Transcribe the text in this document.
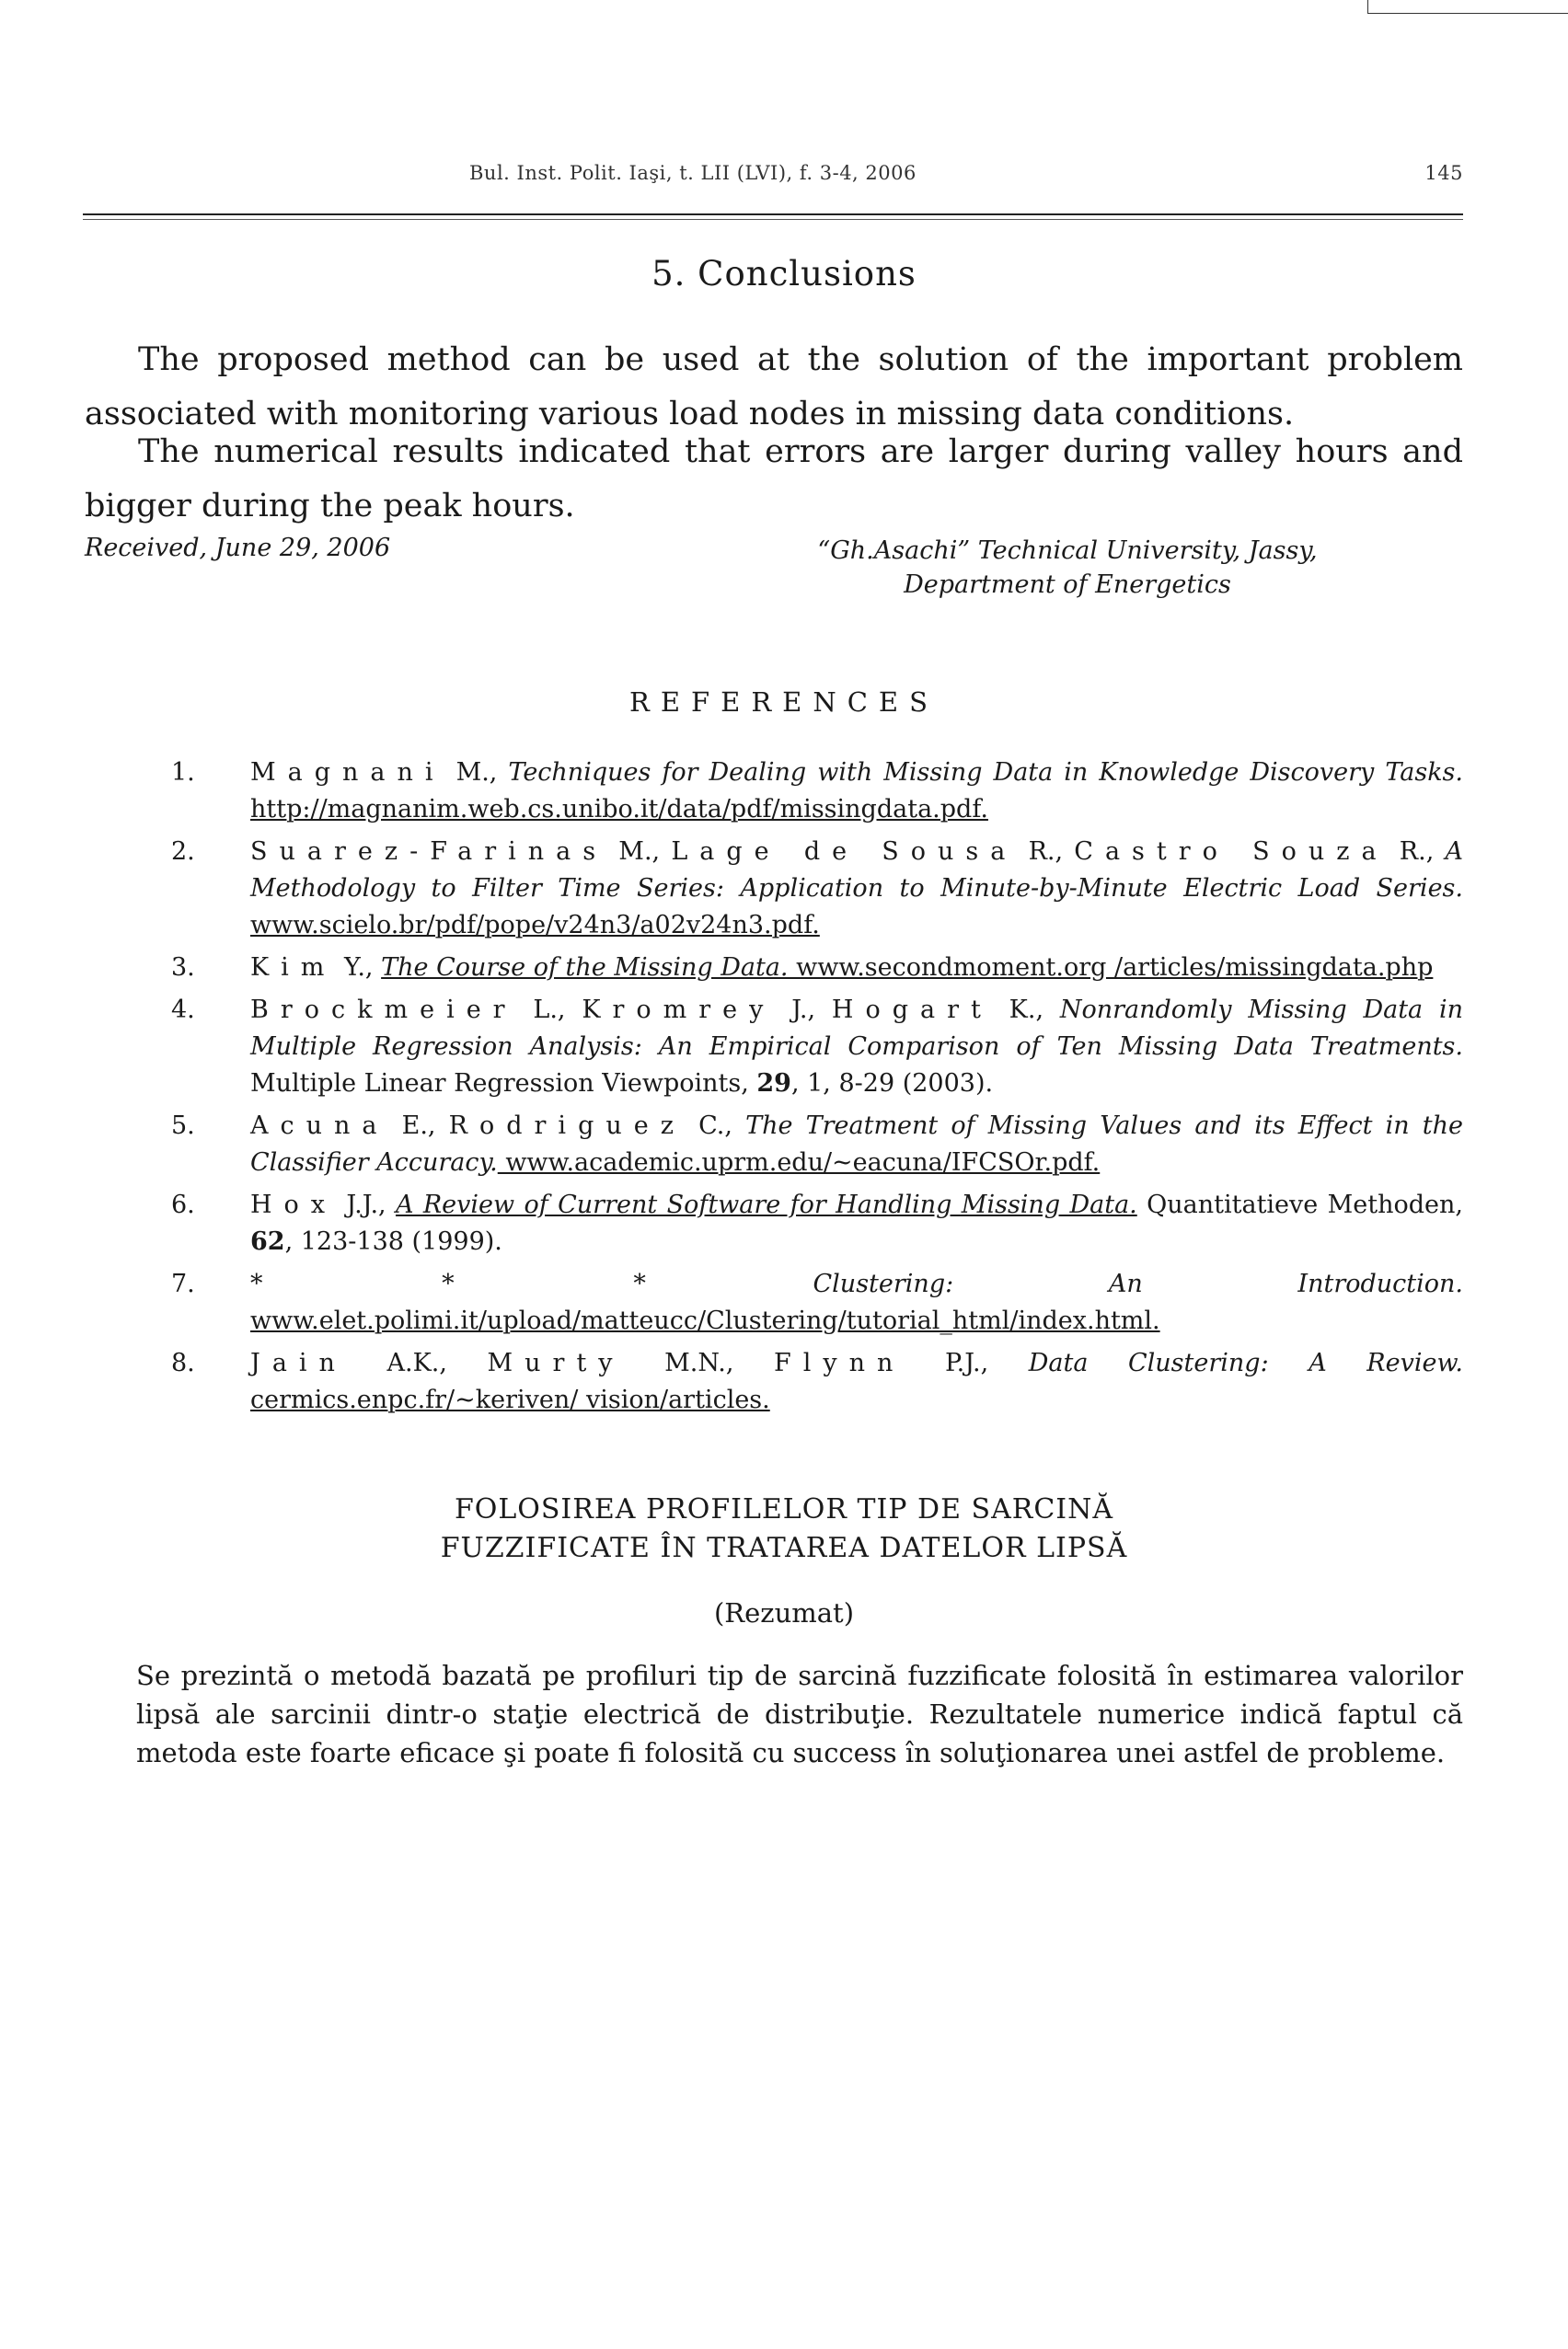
Bul. Inst. Polit. Iaşi, t. LII (LVI), f. 3-4, 2006	145
5. Conclusions
The proposed method can be used at the solution of the important problem associated with monitoring various load nodes in missing data conditions.
The numerical results indicated that errors are larger during valley hours and bigger during the peak hours.
Received, June 29, 2006	“Gh.Asachi” Technical University, Jassy,
Department of Energetics
REFERENCES
1. Magnani M., Techniques for Dealing with Missing Data in Knowledge Discovery Tasks. http://magnanim.web.cs.unibo.it/data/pdf/missingdata.pdf.
2. Suarez-Farinas M., Lage de Sousa R., Castro Souza R., A Methodology to Filter Time Series: Application to Minute-by-Minute Electric Load Series. www.scielo.br/pdf/pope/v24n3/a02v24n3.pdf.
3. Kim Y., The Course of the Missing Data. www.secondmoment.org /articles/missingdata.php
4. Brockmeier L., Kromrey J., Hogart K., Nonrandomly Missing Data in Multiple Regression Analysis: An Empirical Comparison of Ten Missing Data Treatments. Multiple Linear Regression Viewpoints, 29, 1, 8-29 (2003).
5. Acuna E., Rodriguez C., The Treatment of Missing Values and its Effect in the Classifier Accuracy. www.academic.uprm.edu/~eacuna/IFCSOr.pdf.
6. Hox J.J., A Review of Current Software for Handling Missing Data. Quantitatieve Methoden, 62, 123-138 (1999).
7. * * * Clustering: An Introduction. www.elet.polimi.it/upload/matteucc/Clustering/tutorial_html/index.html.
8. Jain A.K., Murty M.N., Flynn P.J., Data Clustering: A Review. cermics.enpc.fr/~keriven/ vision/articles.
FOLOSIREA PROFILELOR TIP DE SARCINĂ
FUZZIFICATE ÎN TRATAREA DATELOR LIPSĂ
(Rezumat)
Se prezintă o metodă bazată pe profiluri tip de sarcină fuzzificate folosită în estimarea valorilor lipsă ale sarcinii dintr-o staţie electrică de distribuţie. Rezultatele numerice indică faptul că metoda este foarte eficace şi poate fi folosită cu success în soluţionarea unei astfel de probleme.
